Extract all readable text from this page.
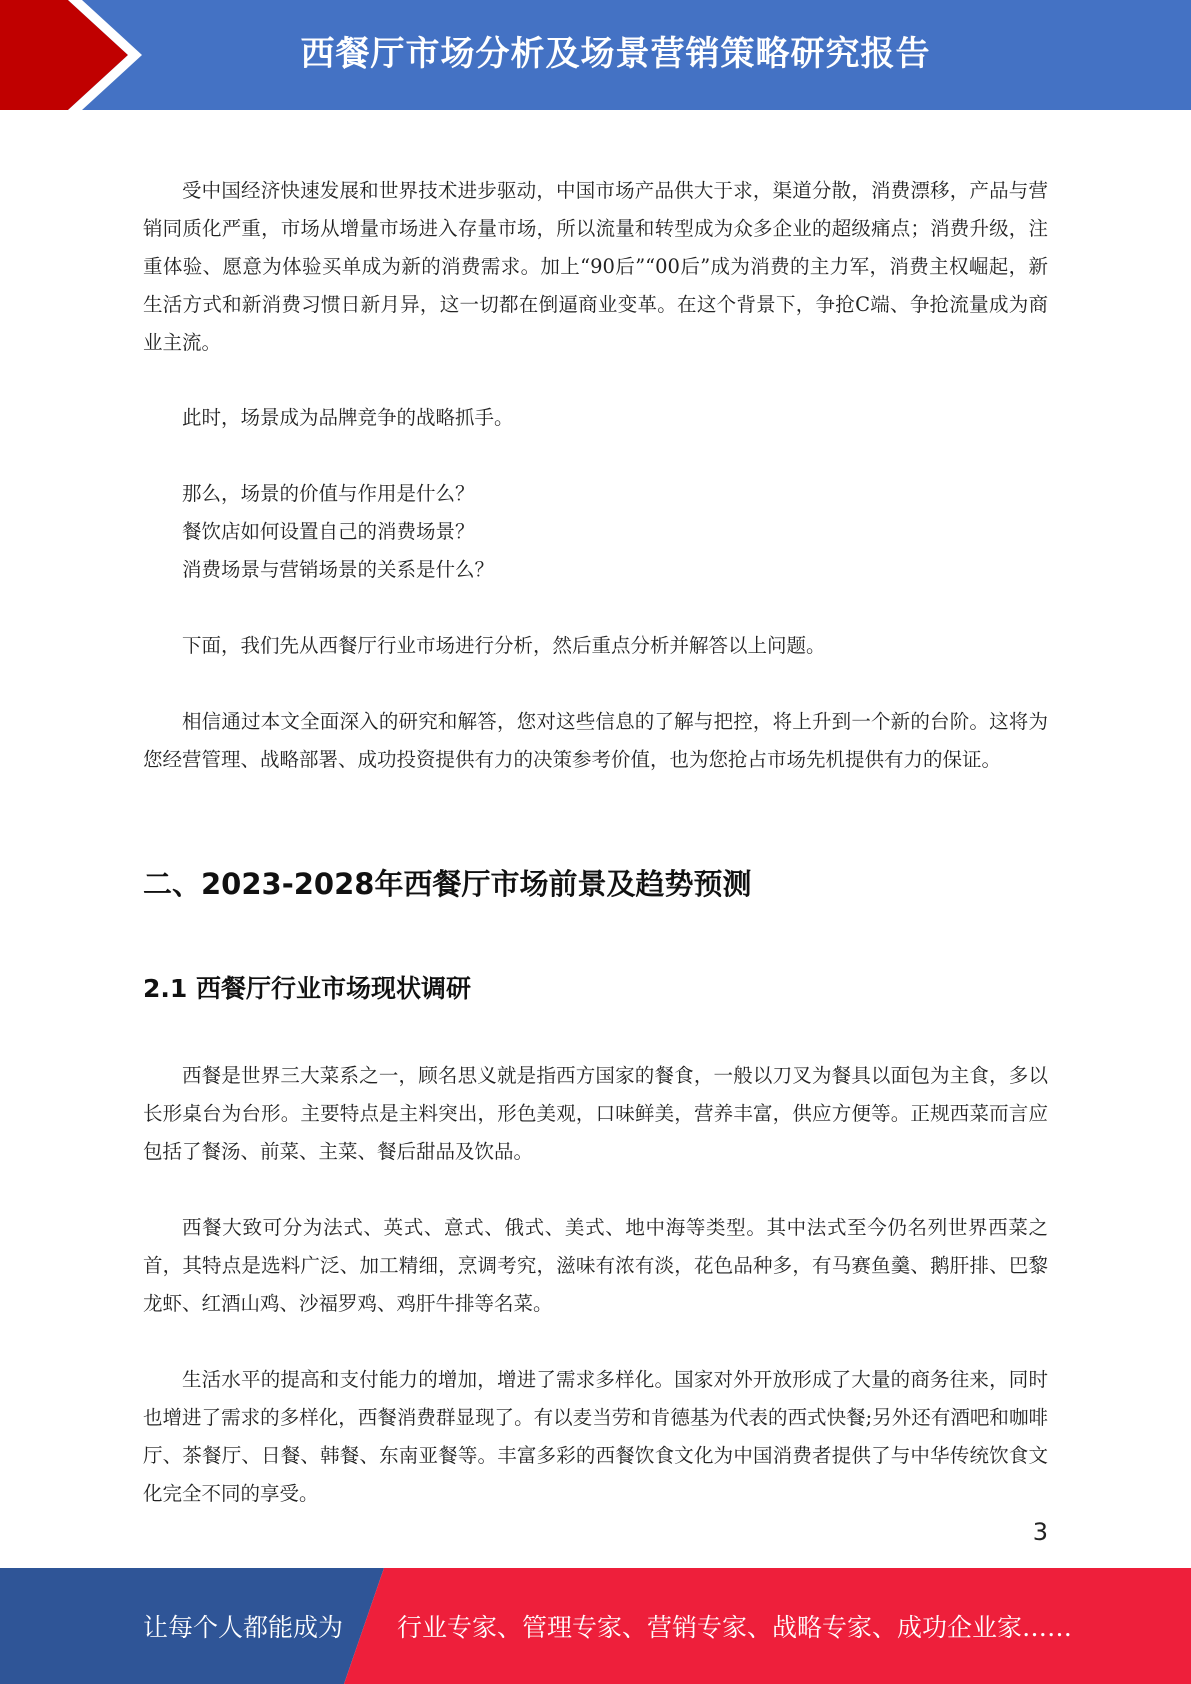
西餐厅市场分析及场景营销策略研究报告

受中国经济快速发展和世界技术进步驱动，中国市场产品供大于求，渠道分散，消费漂移，产品与营销同质化严重，市场从增量市场进入存量市场，所以流量和转型成为众多企业的超级痛点；消费升级，注重体验、愿意为体验买单成为新的消费需求。加上“90后”“00后”成为消费的主力军，消费主权崛起，新生活方式和新消费习惯日新月异，这一切都在倒逼商业变革。在这个背景下，争抢C端、争抢流量成为商业主流。

此时，场景成为品牌竞争的战略抓手。

那么，场景的价值与作用是什么？

餐饮店如何设置自己的消费场景？

消费场景与营销场景的关系是什么？

下面，我们先从西餐厅行业市场进行分析，然后重点分析并解答以上问题。

相信通过本文全面深入的研究和解答，您对这些信息的了解与把控，将上升到一个新的台阶。这将为您经营管理、战略部署、成功投资提供有力的决策参考价值，也为您抢占市场先机提供有力的保证。

二、2023-2028年西餐厅市场前景及趋势预测
2.1 西餐厅行业市场现状调研

西餐是世界三大菜系之一，顾名思义就是指西方国家的餐食，一般以刀叉为餐具以面包为主食，多以长形桌台为台形。主要特点是主料突出，形色美观，口味鲜美，营养丰富，供应方便等。正规西菜而言应包括了餐汤、前菜、主菜、餐后甜品及饮品。

西餐大致可分为法式、英式、意式、俄式、美式、地中海等类型。其中法式至今仍名列世界西菜之首，其特点是选料广泛、加工精细，烹调考究，滋味有浓有淡，花色品种多，有马赛鱼羹、鹅肝排、巴黎龙虾、红酒山鸡、沙福罗鸡、鸡肝牛排等名菜。

生活水平的提高和支付能力的增加，增进了需求多样化。国家对外开放形成了大量的商务往来，同时也增进了需求的多样化，西餐消费群显现了。有以麦当劳和肯德基为代表的西式快餐;另外还有酒吧和咖啡厅、茶餐厅、日餐、韩餐、东南亚餐等。丰富多彩的西餐饮食文化为中国消费者提供了与中华传统饮食文化完全不同的享受。

3
让每个人都能成为 行业专家、管理专家、营销专家、战略专家、成功企业家……
